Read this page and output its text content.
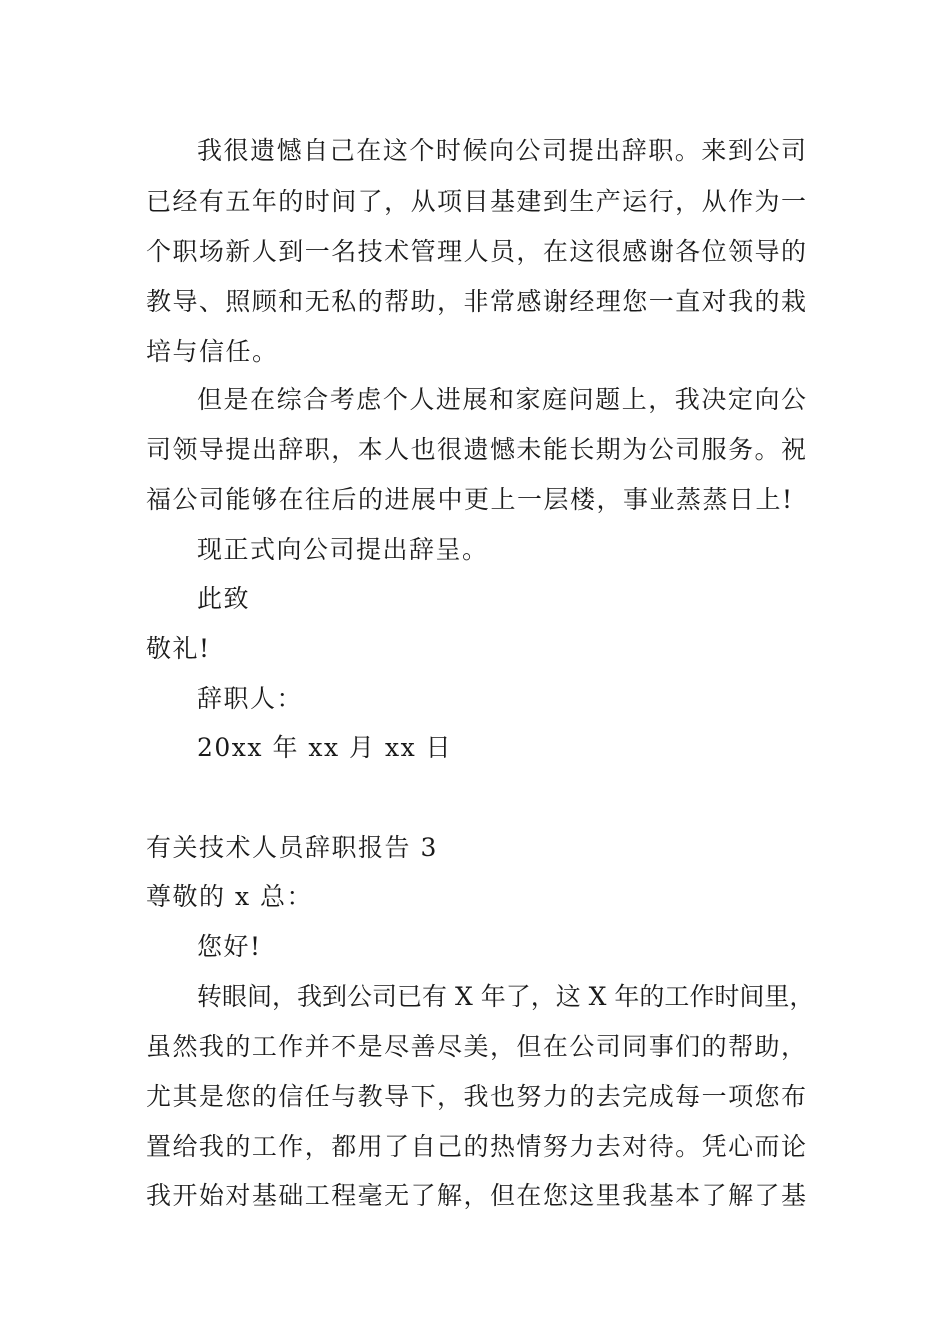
我很遗憾自己在这个时候向公司提出辞职。来到公司
已经有五年的时间了，从项目基建到生产运行，从作为一
个职场新人到一名技术管理人员，在这很感谢各位领导的
教导、照顾和无私的帮助，非常感谢经理您一直对我的栽
培与信任。
但是在综合考虑个人进展和家庭问题上，我决定向公
司领导提出辞职，本人也很遗憾未能长期为公司服务。祝
福公司能够在往后的进展中更上一层楼，事业蒸蒸日上!
现正式向公司提出辞呈。
此致
敬礼!
辞职人：
20xx 年 xx 月 xx 日
有关技术人员辞职报告 3
尊敬的 x 总：
您好!
转眼间，我到公司已有 X 年了，这 X 年的工作时间里，
虽然我的工作并不是尽善尽美，但在公司同事们的帮助，
尤其是您的信任与教导下，我也努力的去完成每一项您布
置给我的工作，都用了自己的热情努力去对待。凭心而论
我开始对基础工程毫无了解，但在您这里我基本了解了基
